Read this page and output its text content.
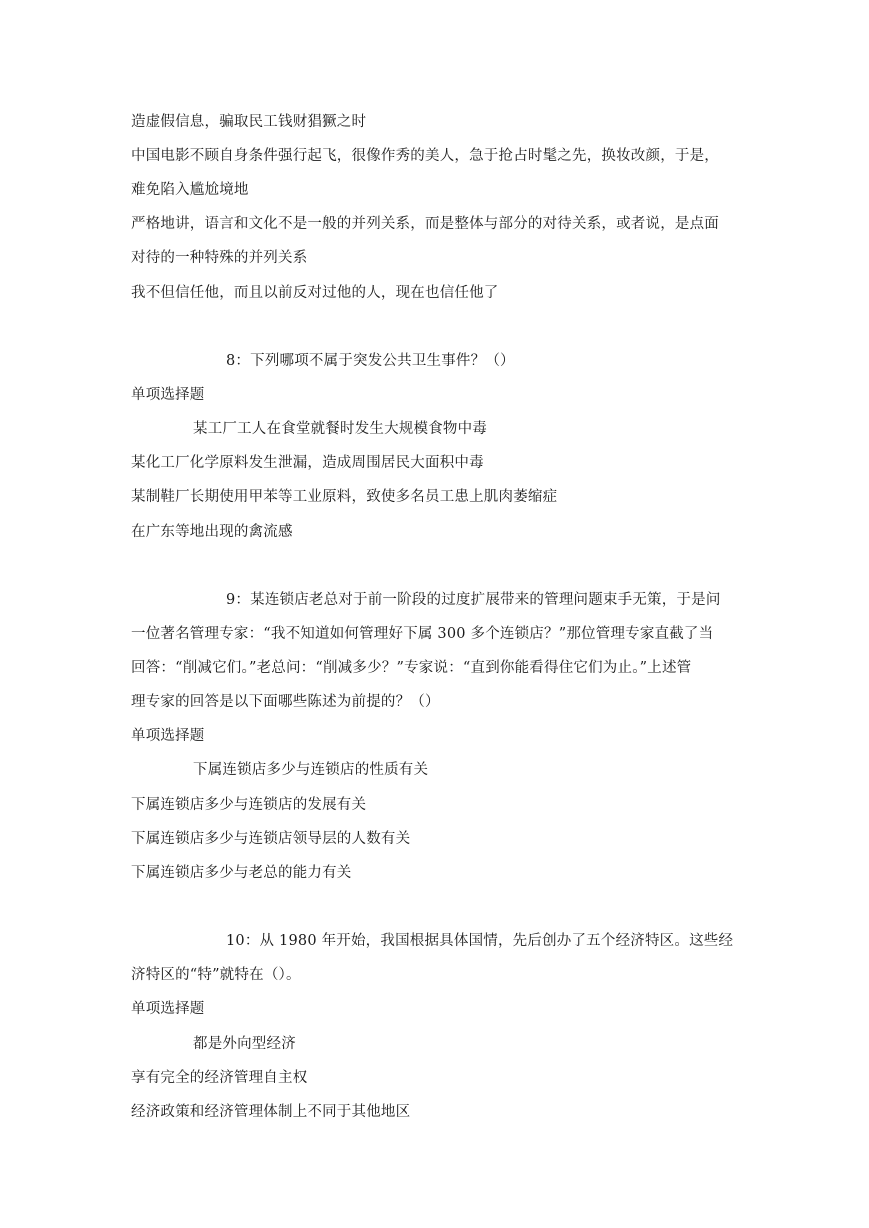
造虚假信息，骗取民工钱财猖獗之时
中国电影不顾自身条件强行起飞，很像作秀的美人，急于抢占时髦之先，换妆改颜，于是，
难免陷入尴尬境地
严格地讲，语言和文化不是一般的并列关系，而是整体与部分的对待关系，或者说，是点面
对待的一种特殊的并列关系
我不但信任他，而且以前反对过他的人，现在也信任他了
8：下列哪项不属于突发公共卫生事件？（）
单项选择题
某工厂工人在食堂就餐时发生大规模食物中毒
某化工厂化学原料发生泄漏，造成周围居民大面积中毒
某制鞋厂长期使用甲苯等工业原料，致使多名员工患上肌肉萎缩症
在广东等地出现的禽流感
9：某连锁店老总对于前一阶段的过度扩展带来的管理问题束手无策，于是问
一位著名管理专家：“我不知道如何管理好下属 300 多个连锁店？”那位管理专家直截了当
回答：“削减它们。”老总问：“削减多少？”专家说：“直到你能看得住它们为止。”上述管
理专家的回答是以下面哪些陈述为前提的？（）
单项选择题
下属连锁店多少与连锁店的性质有关
下属连锁店多少与连锁店的发展有关
下属连锁店多少与连锁店领导层的人数有关
下属连锁店多少与老总的能力有关
10：从 1980 年开始，我国根据具体国情，先后创办了五个经济特区。这些经
济特区的“特”就特在（）。
单项选择题
都是外向型经济
享有完全的经济管理自主权
经济政策和经济管理体制上不同于其他地区
